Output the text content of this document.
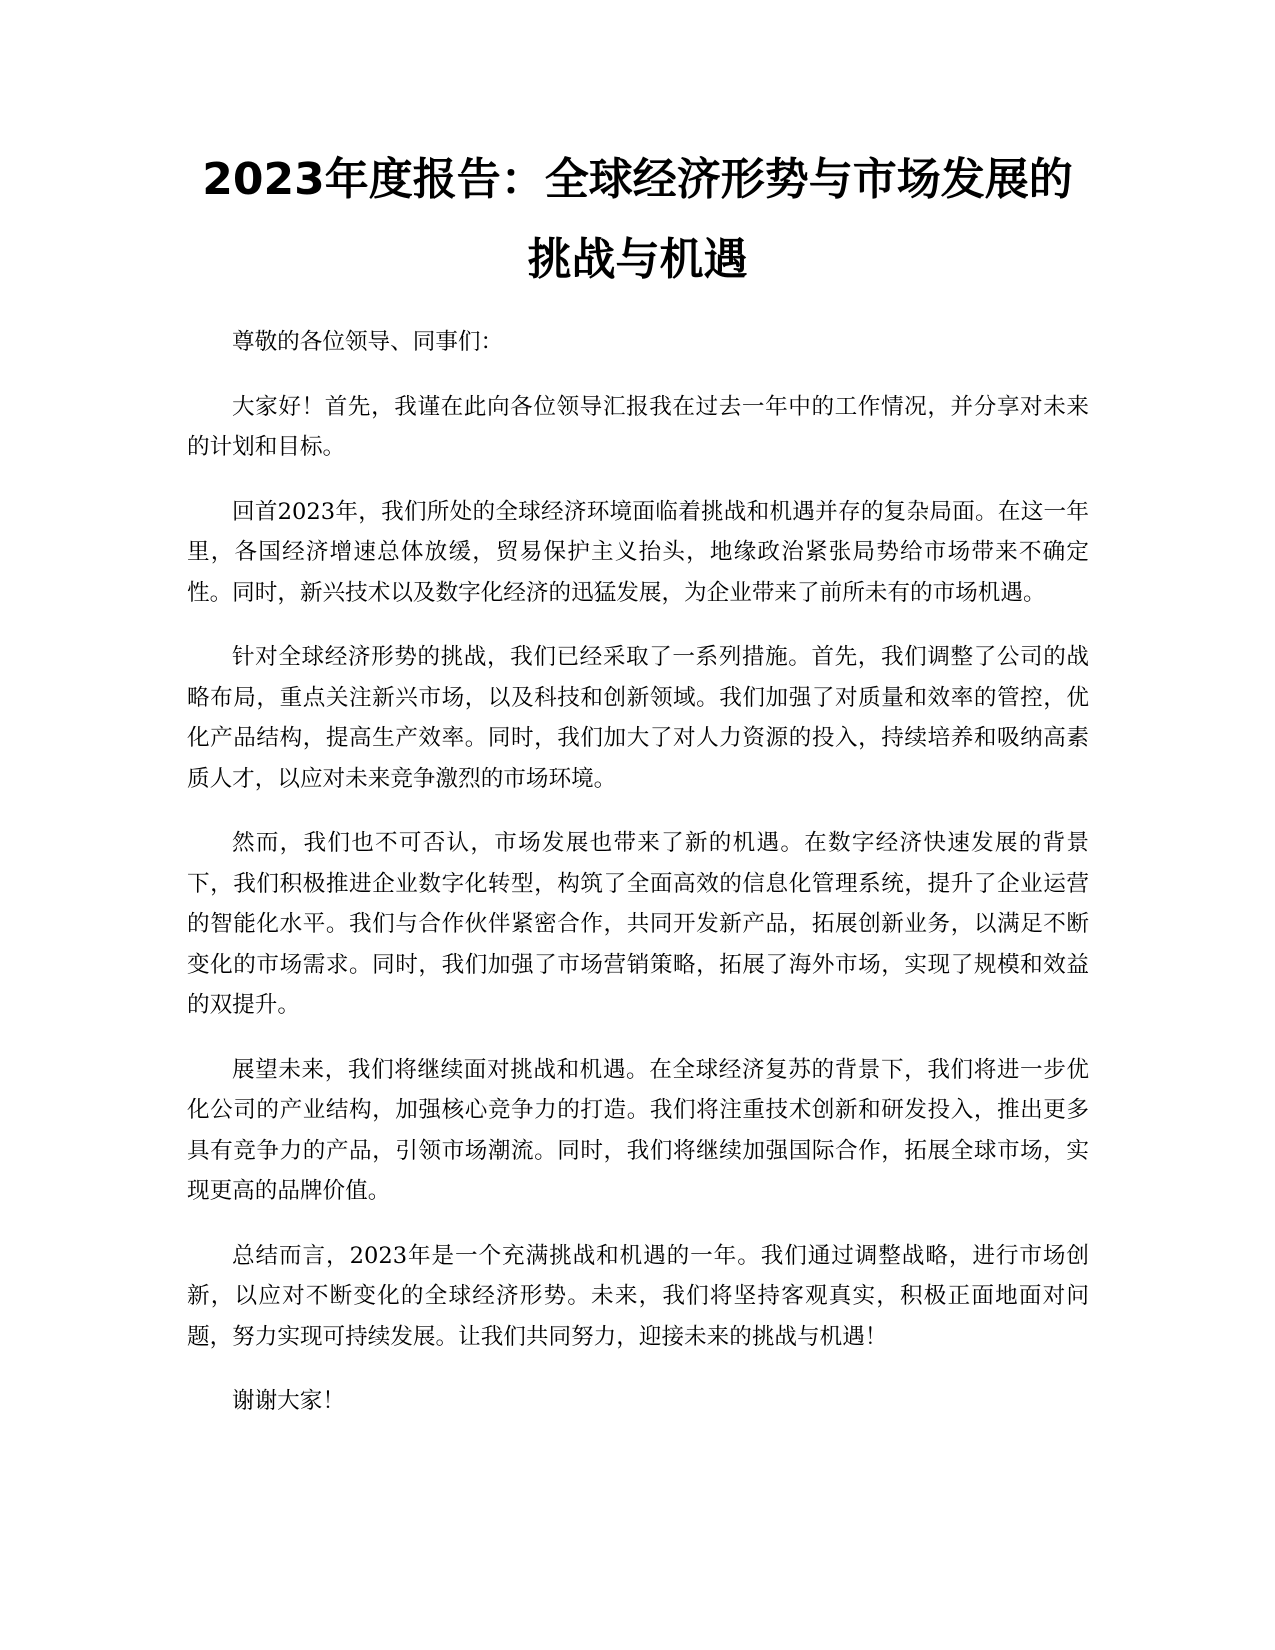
2023年度报告：全球经济形势与市场发展的
挑战与机遇

尊敬的各位领导、同事们：

大家好！首先，我谨在此向各位领导汇报我在过去一年中的工作情况，并分享对未来的计划和目标。

回首2023年，我们所处的全球经济环境面临着挑战和机遇并存的复杂局面。在这一年里，各国经济增速总体放缓，贸易保护主义抬头，地缘政治紧张局势给市场带来不确定性。同时，新兴技术以及数字化经济的迅猛发展，为企业带来了前所未有的市场机遇。

针对全球经济形势的挑战，我们已经采取了一系列措施。首先，我们调整了公司的战略布局，重点关注新兴市场，以及科技和创新领域。我们加强了对质量和效率的管控，优化产品结构，提高生产效率。同时，我们加大了对人力资源的投入，持续培养和吸纳高素质人才，以应对未来竞争激烈的市场环境。

然而，我们也不可否认，市场发展也带来了新的机遇。在数字经济快速发展的背景下，我们积极推进企业数字化转型，构筑了全面高效的信息化管理系统，提升了企业运营的智能化水平。我们与合作伙伴紧密合作，共同开发新产品，拓展创新业务，以满足不断变化的市场需求。同时，我们加强了市场营销策略，拓展了海外市场，实现了规模和效益的双提升。

展望未来，我们将继续面对挑战和机遇。在全球经济复苏的背景下，我们将进一步优化公司的产业结构，加强核心竞争力的打造。我们将注重技术创新和研发投入，推出更多具有竞争力的产品，引领市场潮流。同时，我们将继续加强国际合作，拓展全球市场，实现更高的品牌价值。

总结而言，2023年是一个充满挑战和机遇的一年。我们通过调整战略，进行市场创新，以应对不断变化的全球经济形势。未来，我们将坚持客观真实，积极正面地面对问题，努力实现可持续发展。让我们共同努力，迎接未来的挑战与机遇！

谢谢大家！
